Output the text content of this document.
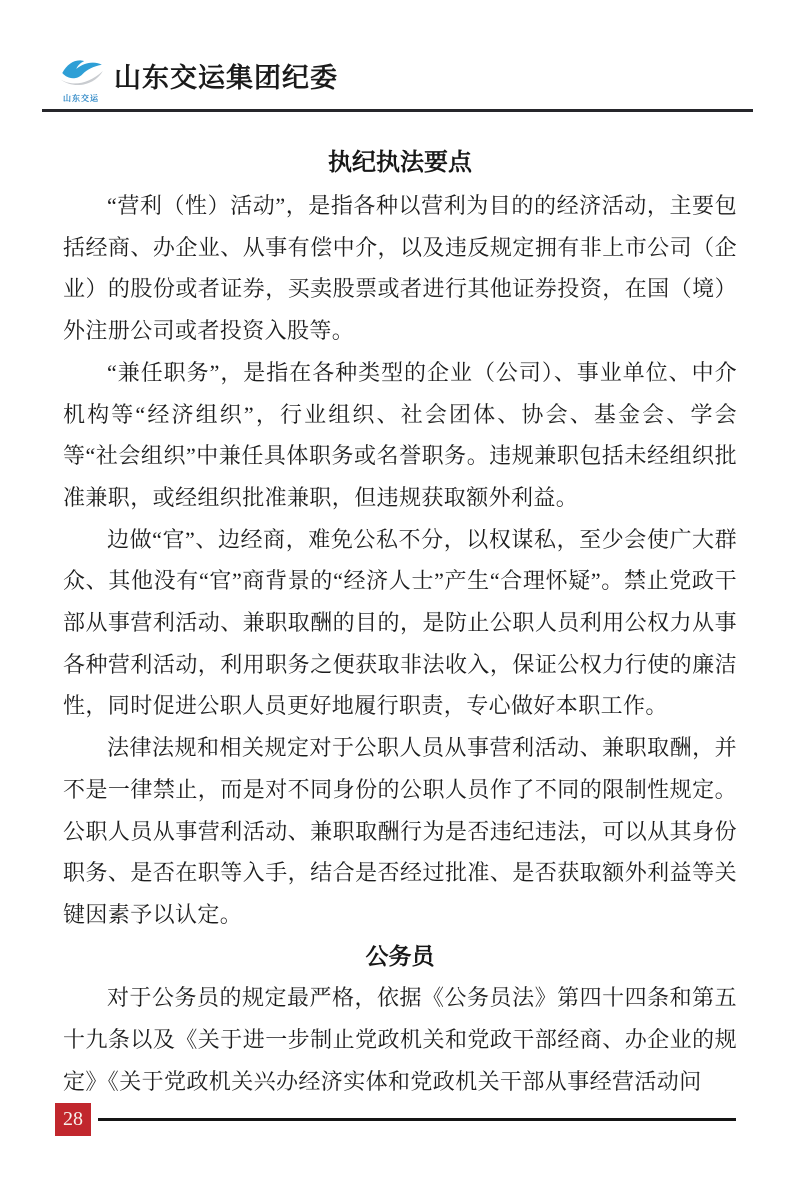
山东交运
山东交运集团纪委
执纪执法要点

“营利（性）活动”，是指各种以营利为目的的经济活动，主要包括经商、办企业、从事有偿中介，以及违反规定拥有非上市公司（企业）的股份或者证券，买卖股票或者进行其他证券投资，在国（境）外注册公司或者投资入股等。

“兼任职务”，是指在各种类型的企业（公司）、事业单位、中介机构等“经济组织”，行业组织、社会团体、协会、基金会、学会等“社会组织”中兼任具体职务或名誉职务。违规兼职包括未经组织批准兼职，或经组织批准兼职，但违规获取额外利益。

边做“官”、边经商，难免公私不分，以权谋私，至少会使广大群众、其他没有“官”商背景的“经济人士”产生“合理怀疑”。禁止党政干部从事营利活动、兼职取酬的目的，是防止公职人员利用公权力从事各种营利活动，利用职务之便获取非法收入，保证公权力行使的廉洁性，同时促进公职人员更好地履行职责，专心做好本职工作。

法律法规和相关规定对于公职人员从事营利活动、兼职取酬，并不是一律禁止，而是对不同身份的公职人员作了不同的限制性规定。公职人员从事营利活动、兼职取酬行为是否违纪违法，可以从其身份职务、是否在职等入手，结合是否经过批准、是否获取额外利益等关键因素予以认定。

公务员

对于公务员的规定最严格，依据《公务员法》第四十四条和第五十九条以及《关于进一步制止党政机关和党政干部经商、办企业的规定》《关于党政机关兴办经济实体和党政机关干部从事经营活动问

28
